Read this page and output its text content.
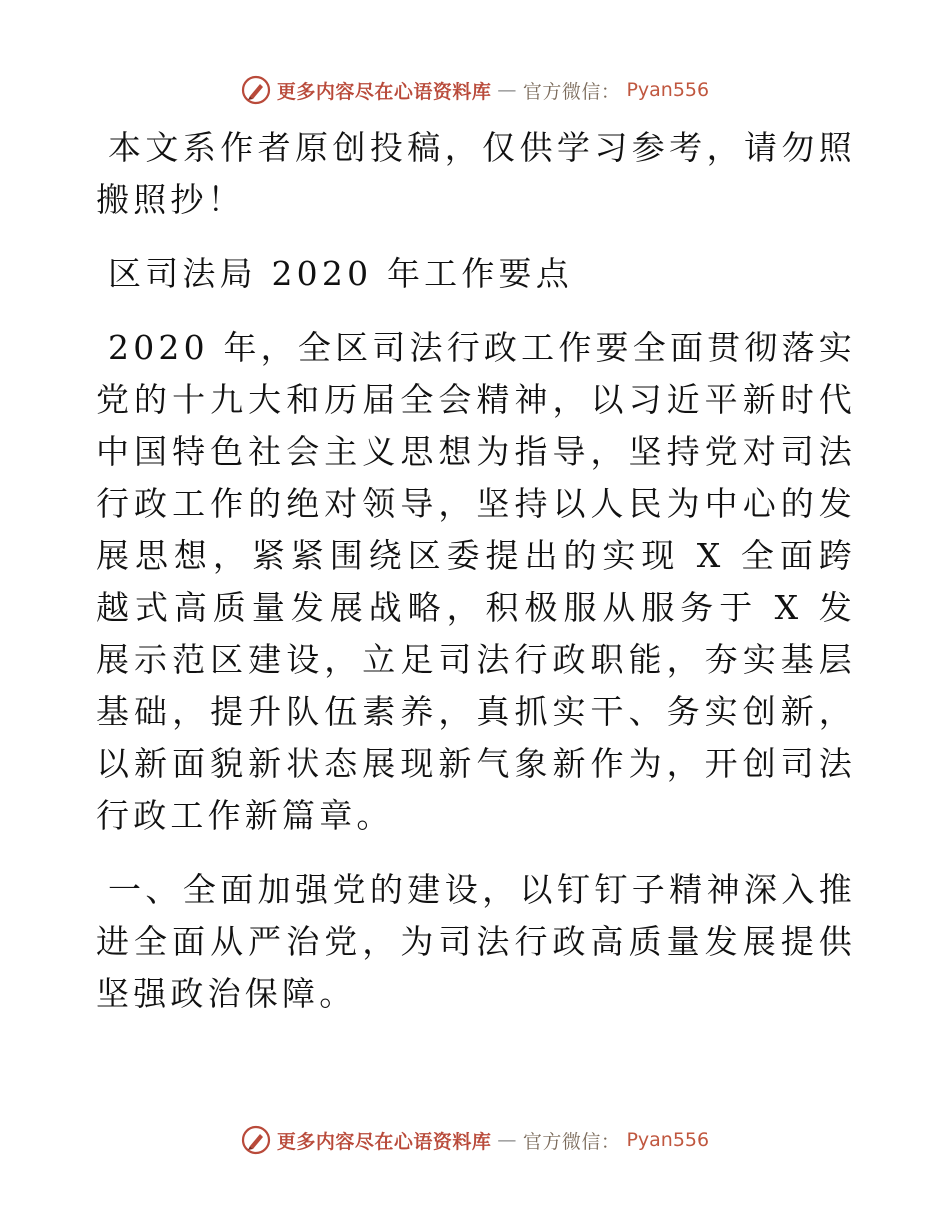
更多内容尽在心语资料库 — 官方微信： Pyan556

本文系作者原创投稿，仅供学习参考，请勿照搬照抄！

区司法局 2020 年工作要点

2020 年，全区司法行政工作要全面贯彻落实党的十九大和历届全会精神，以习近平新时代中国特色社会主义思想为指导，坚持党对司法行政工作的绝对领导，坚持以人民为中心的发展思想，紧紧围绕区委提出的实现 X 全面跨越式高质量发展战略，积极服从服务于 X 发展示范区建设，立足司法行政职能，夯实基层基础，提升队伍素养，真抓实干、务实创新，以新面貌新状态展现新气象新作为，开创司法行政工作新篇章。

一、全面加强党的建设，以钉钉子精神深入推进全面从严治党，为司法行政高质量发展提供坚强政治保障。

更多内容尽在心语资料库 — 官方微信： Pyan556
